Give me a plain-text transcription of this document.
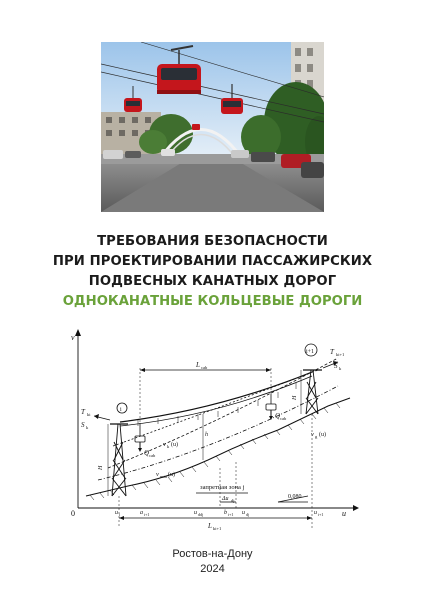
ТРЕБОВАНИЯ БЕЗОПАСНОСТИ
ПРИ ПРОЕКТИРОВАНИИ ПАССАЖИРСКИХ
ПОДВЕСНЫХ КАНАТНЫХ ДОРОГ
ОДНОКАНАТНЫЕ КОЛЬЦЕВЫЕ ДОРОГИ
v
0	u
i
i+1
T ki
S k
T ki+1
S k
Q cab
Q cab
L cab
H
H
v min (u)
v k (u)
v g (u)
h
запретная зона j
Δu dj
0,080
L ki+1
u i	a i+1	u ddj	b i+1 u dj	u i+1
Ростов-на-Дону
2024
